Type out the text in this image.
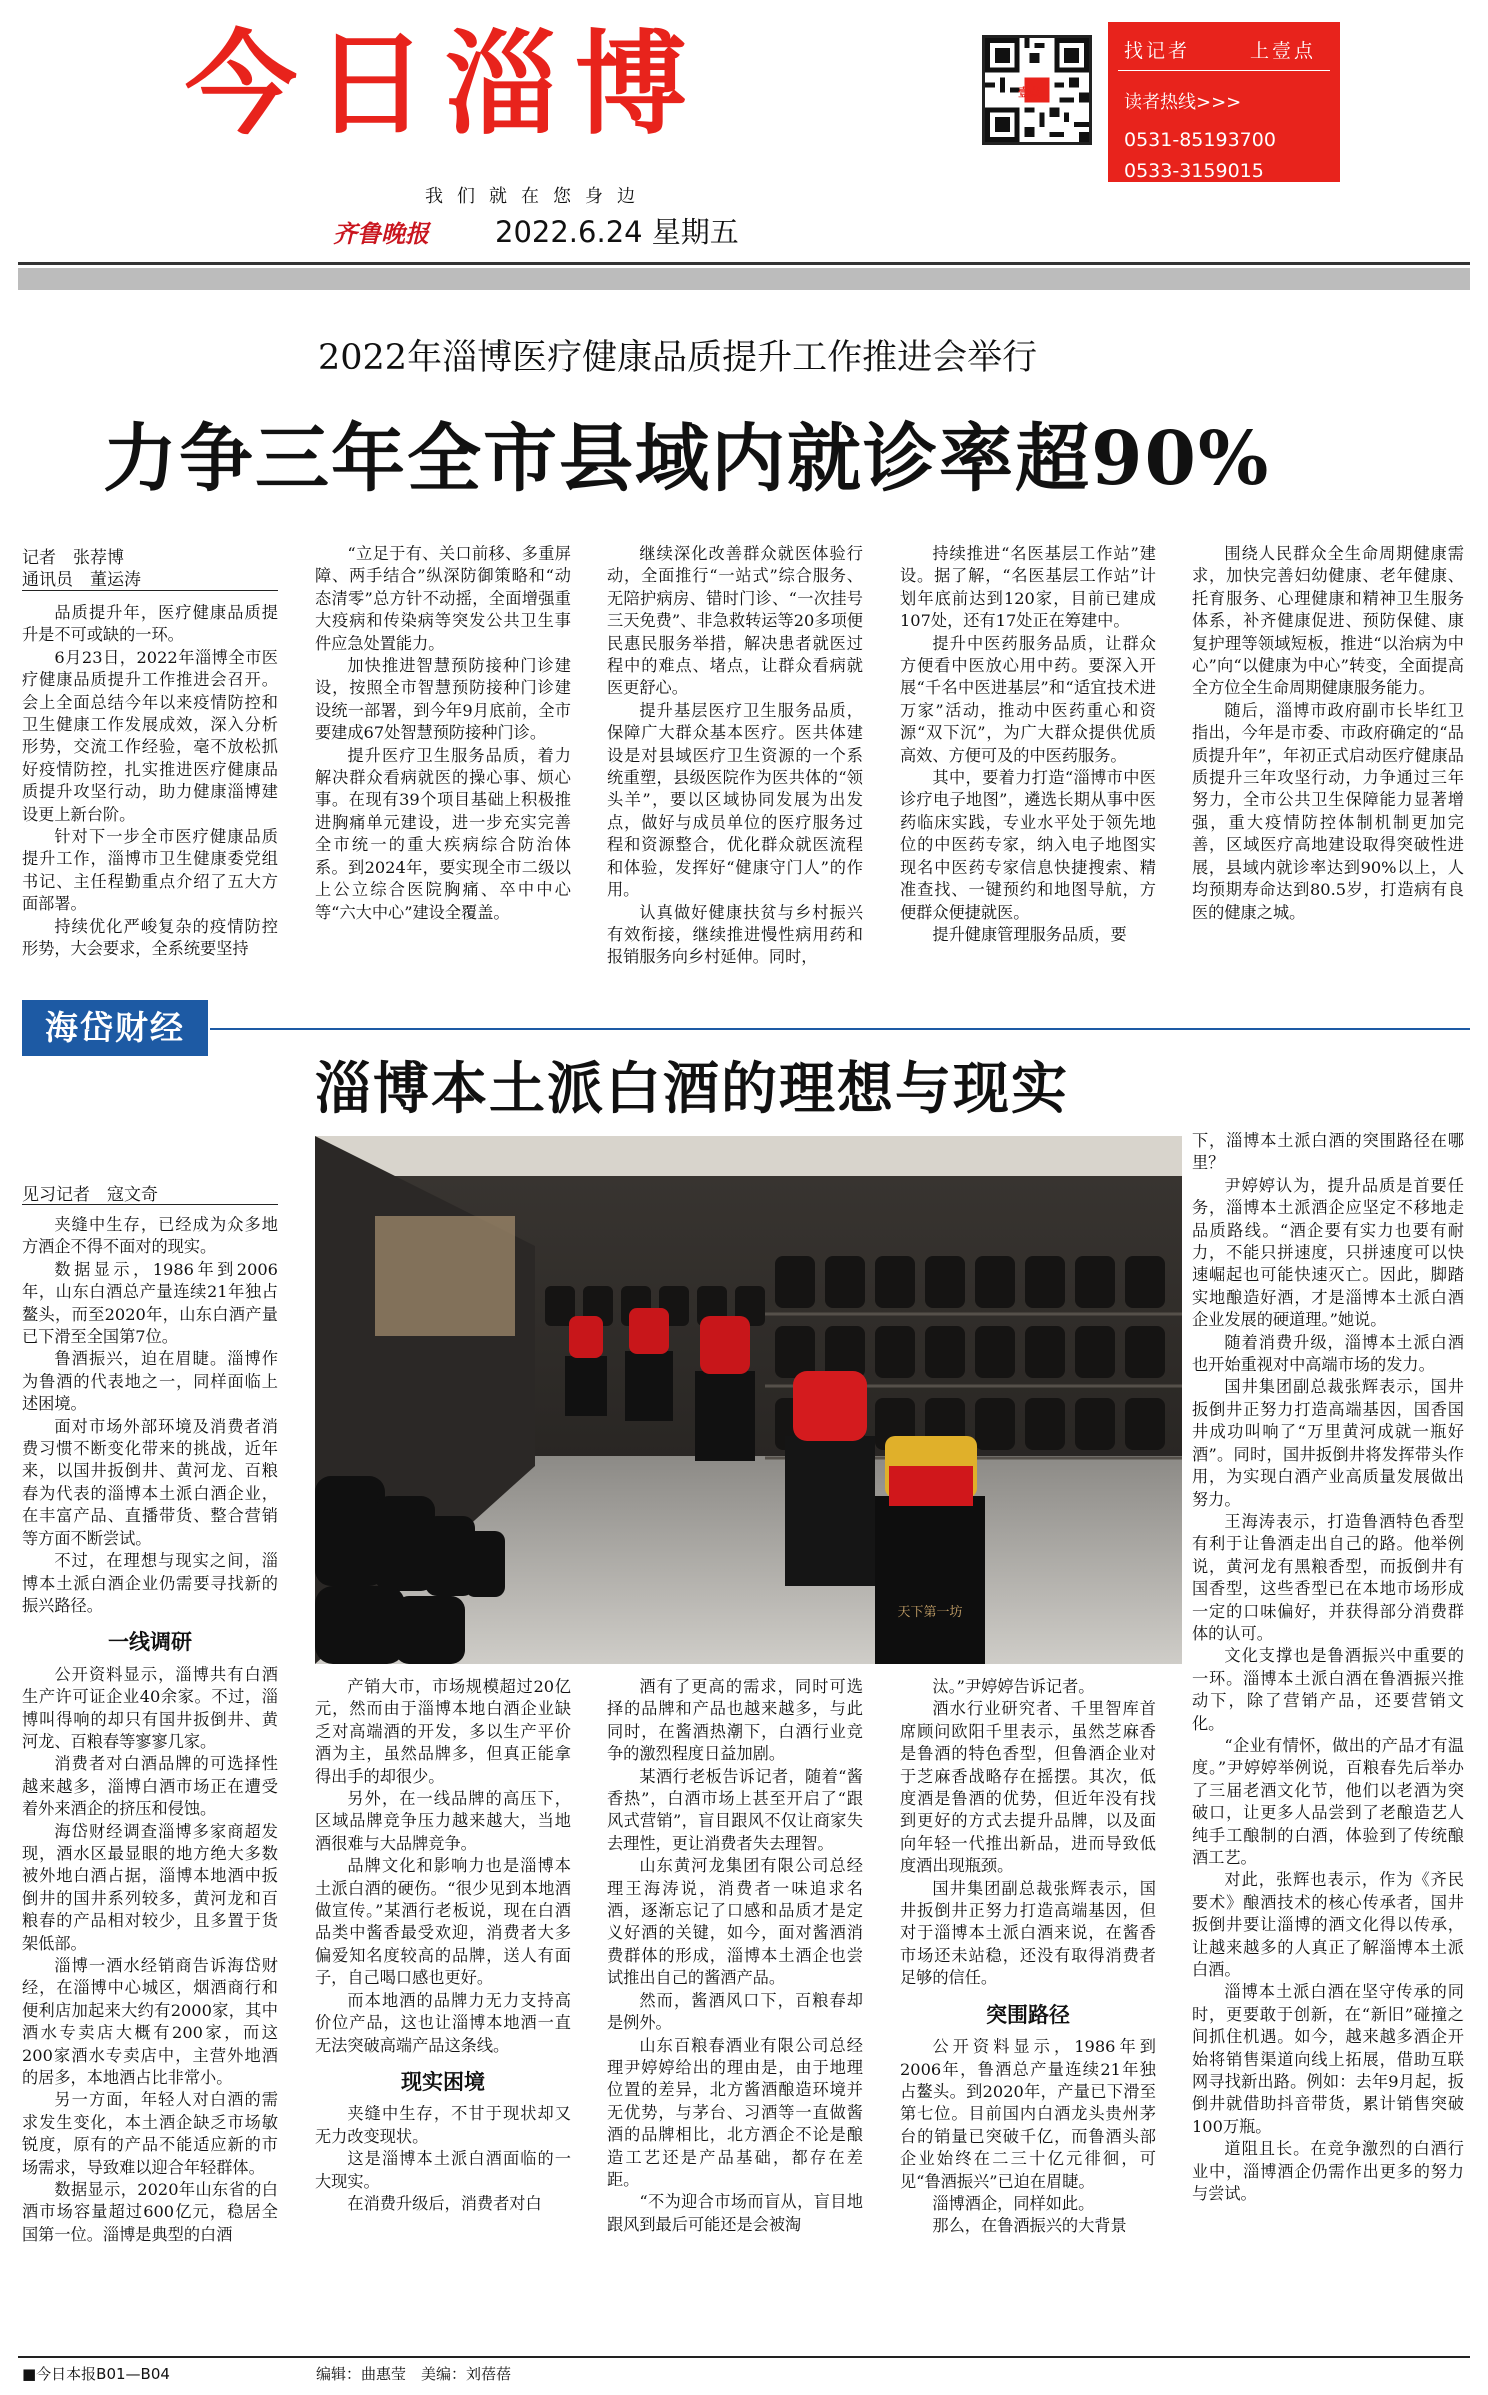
今日淄博
我们就在您身边
齐鲁晚报 2022.6.24 星期五
壹点
找记者	上壹点
读者热线>>>
0531-85193700
0533-3159015
2022年淄博医疗健康品质提升工作推进会举行
力争三年全市县域内就诊率超90%
记者　张荐博
通讯员　董运涛

品质提升年，医疗健康品质提升是不可或缺的一环。

6月23日，2022年淄博全市医疗健康品质提升工作推进会召开。会上全面总结今年以来疫情防控和卫生健康工作发展成效，深入分析形势，交流工作经验，毫不放松抓好疫情防控，扎实推进医疗健康品质提升攻坚行动，助力健康淄博建设更上新台阶。

针对下一步全市医疗健康品质提升工作，淄博市卫生健康委党组书记、主任程勤重点介绍了五大方面部署。

持续优化严峻复杂的疫情防控形势，大会要求，全系统要坚持

“立足于有、关口前移、多重屏障、两手结合”纵深防御策略和“动态清零”总方针不动摇，全面增强重大疫病和传染病等突发公共卫生事件应急处置能力。

加快推进智慧预防接种门诊建设，按照全市智慧预防接种门诊建设统一部署，到今年9月底前，全市要建成67处智慧预防接种门诊。

提升医疗卫生服务品质，着力解决群众看病就医的操心事、烦心事。在现有39个项目基础上积极推进胸痛单元建设，进一步充实完善全市统一的重大疾病综合防治体系。到2024年，要实现全市二级以上公立综合医院胸痛、卒中中心等“六大中心”建设全覆盖。

继续深化改善群众就医体验行动，全面推行“一站式”综合服务、无陪护病房、错时门诊、“一次挂号三天免费”、非急救转运等20多项便民惠民服务举措，解决患者就医过程中的难点、堵点，让群众看病就医更舒心。

提升基层医疗卫生服务品质，保障广大群众基本医疗。医共体建设是对县域医疗卫生资源的一个系统重塑，县级医院作为医共体的“领头羊”，要以区域协同发展为出发点，做好与成员单位的医疗服务过程和资源整合，优化群众就医流程和体验，发挥好“健康守门人”的作用。

认真做好健康扶贫与乡村振兴有效衔接，继续推进慢性病用药和报销服务向乡村延伸。同时，

持续推进“名医基层工作站”建设。据了解，“名医基层工作站”计划年底前达到120家，目前已建成107处，还有17处正在筹建中。

提升中医药服务品质，让群众方便看中医放心用中药。要深入开展“千名中医进基层”和“适宜技术进万家”活动，推动中医药重心和资源“双下沉”，为广大群众提供优质高效、方便可及的中医药服务。

其中，要着力打造“淄博市中医诊疗电子地图”，遴选长期从事中医药临床实践，专业水平处于领先地位的中医药专家，纳入电子地图实现名中医药专家信息快捷搜索、精准查找、一键预约和地图导航，方便群众便捷就医。

提升健康管理服务品质，要

围绕人民群众全生命周期健康需求，加快完善妇幼健康、老年健康、托育服务、心理健康和精神卫生服务体系，补齐健康促进、预防保健、康复护理等领域短板，推进“以治病为中心”向“以健康为中心”转变，全面提高全方位全生命周期健康服务能力。

随后，淄博市政府副市长毕红卫指出，今年是市委、市政府确定的“品质提升年”，年初正式启动医疗健康品质提升三年攻坚行动，力争通过三年努力，全市公共卫生保障能力显著增强，重大疫情防控体制机制更加完善，区域医疗高地建设取得突破性进展，县域内就诊率达到90%以上，人均预期寿命达到80.5岁，打造病有良医的健康之城。

海岱财经
淄博本土派白酒的理想与现实
天下第一坊
见习记者　寇文奇

夹缝中生存，已经成为众多地方酒企不得不面对的现实。

数据显示，1986年到2006年，山东白酒总产量连续21年独占鳌头，而至2020年，山东白酒产量已下滑至全国第7位。

鲁酒振兴，迫在眉睫。淄博作为鲁酒的代表地之一，同样面临上述困境。

面对市场外部环境及消费者消费习惯不断变化带来的挑战，近年来，以国井扳倒井、黄河龙、百粮春为代表的淄博本土派白酒企业，在丰富产品、直播带货、整合营销等方面不断尝试。

不过，在理想与现实之间，淄博本土派白酒企业仍需要寻找新的振兴路径。

一线调研

公开资料显示，淄博共有白酒生产许可证企业40余家。不过，淄博叫得响的却只有国井扳倒井、黄河龙、百粮春等寥寥几家。

消费者对白酒品牌的可选择性越来越多，淄博白酒市场正在遭受着外来酒企的挤压和侵蚀。

海岱财经调查淄博多家商超发现，酒水区最显眼的地方绝大多数被外地白酒占据，淄博本地酒中扳倒井的国井系列较多，黄河龙和百粮春的产品相对较少，且多置于货架低部。

淄博一酒水经销商告诉海岱财经，在淄博中心城区，烟酒商行和便利店加起来大约有2000家，其中酒水专卖店大概有200家，而这200家酒水专卖店中，主营外地酒的居多，本地酒占比非常小。

另一方面，年轻人对白酒的需求发生变化，本土酒企缺乏市场敏锐度，原有的产品不能适应新的市场需求，导致难以迎合年轻群体。

数据显示，2020年山东省的白酒市场容量超过600亿元，稳居全国第一位。淄博是典型的白酒

产销大市，市场规模超过20亿元，然而由于淄博本地白酒企业缺乏对高端酒的开发，多以生产平价酒为主，虽然品牌多，但真正能拿得出手的却很少。

另外，在一线品牌的高压下，区域品牌竞争压力越来越大，当地酒很难与大品牌竞争。

品牌文化和影响力也是淄博本土派白酒的硬伤。“很少见到本地酒做宣传。”某酒行老板说，现在白酒品类中酱香最受欢迎，消费者大多偏爱知名度较高的品牌，送人有面子，自己喝口感也更好。

而本地酒的品牌力无力支持高价位产品，这也让淄博本地酒一直无法突破高端产品这条线。

现实困境

夹缝中生存，不甘于现状却又无力改变现状。

这是淄博本土派白酒面临的一大现实。

在消费升级后，消费者对白

酒有了更高的需求，同时可选择的品牌和产品也越来越多，与此同时，在酱酒热潮下，白酒行业竞争的激烈程度日益加剧。

某酒行老板告诉记者，随着“酱香热”，白酒市场上甚至开启了“跟风式营销”，盲目跟风不仅让商家失去理性，更让消费者失去理智。

山东黄河龙集团有限公司总经理王海涛说，消费者一味追求名酒，逐渐忘记了口感和品质才是定义好酒的关键，如今，面对酱酒消费群体的形成，淄博本土酒企也尝试推出自己的酱酒产品。

然而，酱酒风口下，百粮春却是例外。

山东百粮春酒业有限公司总经理尹婷婷给出的理由是，由于地理位置的差异，北方酱酒酿造环境并无优势，与茅台、习酒等一直做酱酒的品牌相比，北方酒企不论是酿造工艺还是产品基础，都存在差距。

“不为迎合市场而盲从，盲目地跟风到最后可能还是会被淘

汰。”尹婷婷告诉记者。

酒水行业研究者、千里智库首席顾问欧阳千里表示，虽然芝麻香是鲁酒的特色香型，但鲁酒企业对于芝麻香战略存在摇摆。其次，低度酒是鲁酒的优势，但近年没有找到更好的方式去提升品牌，以及面向年轻一代推出新品，进而导致低度酒出现瓶颈。

国井集团副总裁张辉表示，国井扳倒井正努力打造高端基因，但对于淄博本土派白酒来说，在酱香市场还未站稳，还没有取得消费者足够的信任。

突围路径

公开资料显示，1986年到2006年，鲁酒总产量连续21年独占鳌头。到2020年，产量已下滑至第七位。目前国内白酒龙头贵州茅台的销量已突破千亿，而鲁酒头部企业始终在二三十亿元徘徊，可见“鲁酒振兴”已迫在眉睫。

淄博酒企，同样如此。

那么，在鲁酒振兴的大背景

下，淄博本土派白酒的突围路径在哪里？

尹婷婷认为，提升品质是首要任务，淄博本土派酒企应坚定不移地走品质路线。“酒企要有实力也要有耐力，不能只拼速度，只拼速度可以快速崛起也可能快速灭亡。因此，脚踏实地酿造好酒，才是淄博本土派白酒企业发展的硬道理。”她说。

随着消费升级，淄博本土派白酒也开始重视对中高端市场的发力。

国井集团副总裁张辉表示，国井扳倒井正努力打造高端基因，国香国井成功叫响了“万里黄河成就一瓶好酒”。同时，国井扳倒井将发挥带头作用，为实现白酒产业高质量发展做出努力。

王海涛表示，打造鲁酒特色香型有利于让鲁酒走出自己的路。他举例说，黄河龙有黑粮香型，而扳倒井有国香型，这些香型已在本地市场形成一定的口味偏好，并获得部分消费群体的认可。

文化支撑也是鲁酒振兴中重要的一环。淄博本土派白酒在鲁酒振兴推动下，除了营销产品，还要营销文化。

“企业有情怀，做出的产品才有温度。”尹婷婷举例说，百粮春先后举办了三届老酒文化节，他们以老酒为突破口，让更多人品尝到了老酿造艺人纯手工酿制的白酒，体验到了传统酿酒工艺。

对此，张辉也表示，作为《齐民要术》酿酒技术的核心传承者，国井扳倒井要让淄博的酒文化得以传承，让越来越多的人真正了解淄博本土派白酒。

淄博本土派白酒在坚守传承的同时，更要敢于创新，在“新旧”碰撞之间抓住机遇。如今，越来越多酒企开始将销售渠道向线上拓展，借助互联网寻找新出路。例如：去年9月起，扳倒井就借助抖音带货，累计销售突破100万瓶。

道阻且长。在竞争激烈的白酒行业中，淄博酒企仍需作出更多的努力与尝试。

■今日本报B01—B04	编辑：曲惠莹　美编：刘蓓蓓
